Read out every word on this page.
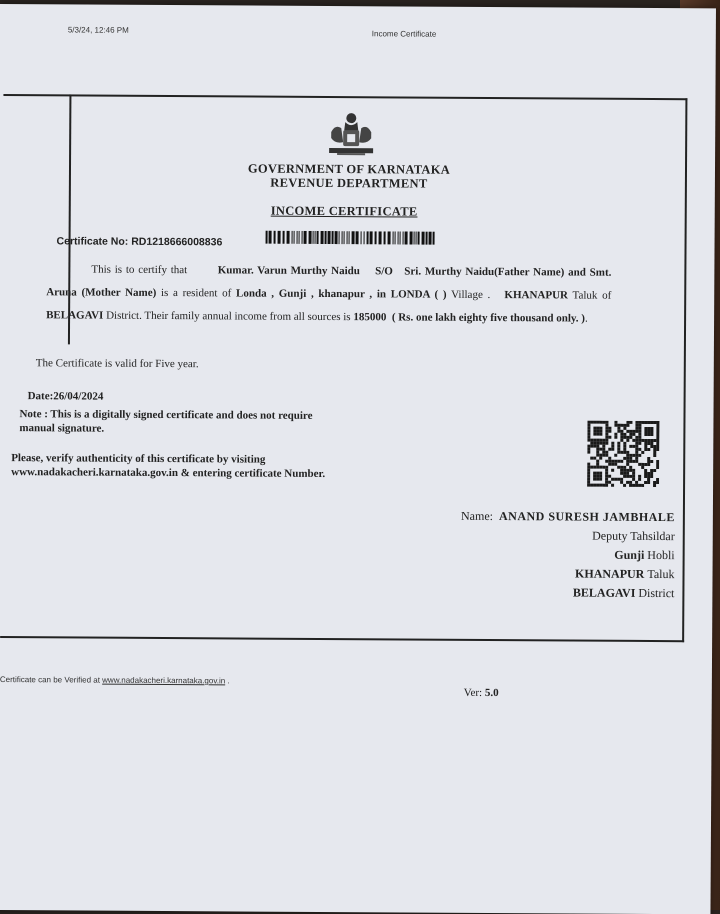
5/3/24, 12:46 PM	Income Certificate
GOVERNMENT OF KARNATAKA
REVENUE DEPARTMENT
INCOME CERTIFICATE
Certificate No: RD1218666008836
This is to certify that	Kumar. Varun Murthy Naidu S/O Sri. Murthy Naidu(Father Name) and Smt. Aruna (Mother Name) is a resident of Londa , Gunji , khanapur , in LONDA ( ) Village . KHANAPUR Taluk of BELAGAVI District. Their family annual income from all sources is 185000 ( Rs. one lakh eighty five thousand only. ).
The Certificate is valid for Five year.
Date:26/04/2024
Note : This is a digitally signed certificate and does not require manual signature.
Please, verify authenticity of this certificate by visiting www.nadakacheri.karnataka.gov.in & entering certificate Number.
Name: ANAND SURESH JAMBHALE
Deputy Tahsildar
Gunji Hobli
KHANAPUR Taluk
BELAGAVI District
Certificate can be Verified at www.nadakacheri.karnataka.gov.in .
Ver: 5.0
